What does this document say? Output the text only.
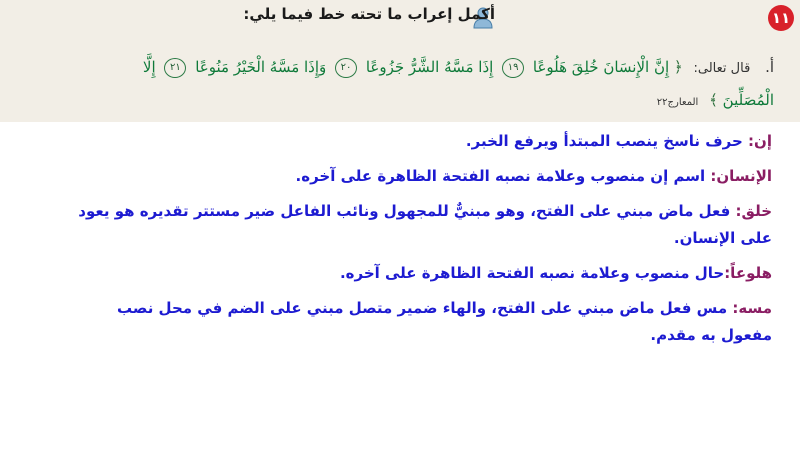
١١
أكمل إعراب ما تحته خط فيما يلي:
أ. قال تعالى: ﴿ إِنَّ الْإِنسَانَ خُلِقَ هَلُوعًا ١٩ إِذَا مَسَّهُ الشَّرُّ جَزُوعًا ٢٠ وَإِذَا مَسَّهُ الْخَيْرُ مَنُوعًا ٢١ إِلَّا
الْمُصَلِّينَ ﴾ المعارج٢٢
إن: حرف ناسخ ينصب المبتدأ ويرفع الخبر.
الإنسان: اسم إن منصوب وعلامة نصبه الفتحة الظاهرة على آخره.
خلق: فعل ماض مبني على الفتح، وهو مبنيٌّ للمجهول ونائب الفاعل ضير مستتر تقديره هو يعود
على الإنسان.
هلوعاً:حال منصوب وعلامة نصبه الفتحة الظاهرة على آخره.
مسه: مس فعل ماض مبني على الفتح، والهاء ضمير متصل مبني على الضم في محل نصب
مفعول به مقدم.
